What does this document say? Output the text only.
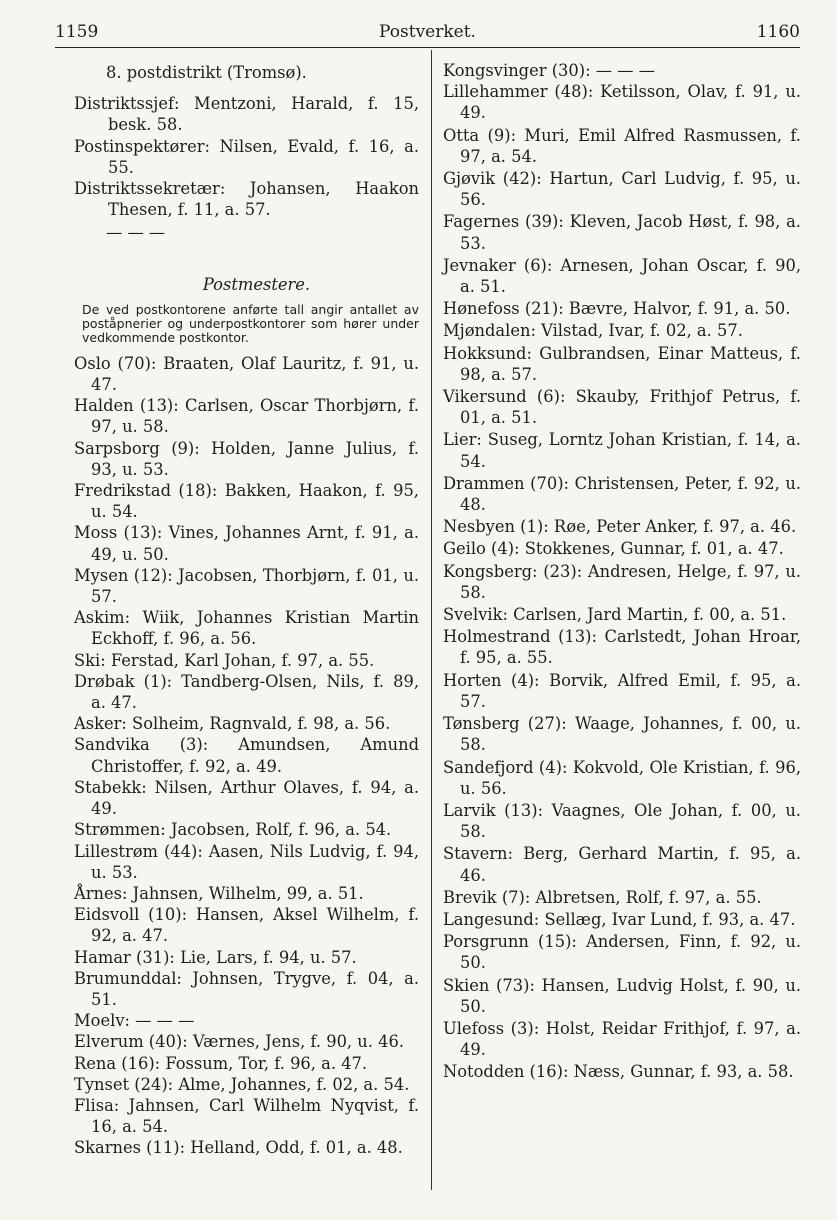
1159	Postverket.	1160
8. postdistrikt (Tromsø).
Distriktssjef: Mentzoni, Harald, f. 15, besk. 58.
Postinspektører: Nilsen, Evald, f. 16, a. 55.
Distriktssekretær: Johansen, Haakon Thesen, f. 11, a. 57.
— — —
Postmestere.
De ved postkontorene anførte tall angir antallet av poståpnerier og underpostkontorer som hører under vedkommende postkontor.
Oslo (70): Braaten, Olaf Lauritz, f. 91, u. 47.
Halden (13): Carlsen, Oscar Thorbjørn, f. 97, u. 58.
Sarpsborg (9): Holden, Janne Julius, f. 93, u. 53.
Fredrikstad (18): Bakken, Haakon, f. 95, u. 54.
Moss (13): Vines, Johannes Arnt, f. 91, a. 49, u. 50.
Mysen (12): Jacobsen, Thorbjørn, f. 01, u. 57.
Askim: Wiik, Johannes Kristian Martin Eckhoff, f. 96, a. 56.
Ski: Ferstad, Karl Johan, f. 97, a. 55.
Drøbak (1): Tandberg-Olsen, Nils, f. 89, a. 47.
Asker: Solheim, Ragnvald, f. 98, a. 56.
Sandvika (3): Amundsen, Amund Christoffer, f. 92, a. 49.
Stabekk: Nilsen, Arthur Olaves, f. 94, a. 49.
Strømmen: Jacobsen, Rolf, f. 96, a. 54.
Lillestrøm (44): Aasen, Nils Ludvig, f. 94, u. 53.
Årnes: Jahnsen, Wilhelm, 99, a. 51.
Eidsvoll (10): Hansen, Aksel Wilhelm, f. 92, a. 47.
Hamar (31): Lie, Lars, f. 94, u. 57.
Brumunddal: Johnsen, Trygve, f. 04, a. 51.
Moelv: — — —
Elverum (40): Værnes, Jens, f. 90, u. 46.
Rena (16): Fossum, Tor, f. 96, a. 47.
Tynset (24): Alme, Johannes, f. 02, a. 54.
Flisa: Jahnsen, Carl Wilhelm Nyqvist, f. 16, a. 54.
Skarnes (11): Helland, Odd, f. 01, a. 48.
Kongsvinger (30): — — —
Lillehammer (48): Ketilsson, Olav, f. 91, u. 49.
Otta (9): Muri, Emil Alfred Rasmussen, f. 97, a. 54.
Gjøvik (42): Hartun, Carl Ludvig, f. 95, u. 56.
Fagernes (39): Kleven, Jacob Høst, f. 98, a. 53.
Jevnaker (6): Arnesen, Johan Oscar, f. 90, a. 51.
Hønefoss (21): Bævre, Halvor, f. 91, a. 50.
Mjøndalen: Vilstad, Ivar, f. 02, a. 57.
Hokksund: Gulbrandsen, Einar Matteus, f. 98, a. 57.
Vikersund (6): Skauby, Frithjof Petrus, f. 01, a. 51.
Lier: Suseg, Lorntz Johan Kristian, f. 14, a. 54.
Drammen (70): Christensen, Peter, f. 92, u. 48.
Nesbyen (1): Røe, Peter Anker, f. 97, a. 46.
Geilo (4): Stokkenes, Gunnar, f. 01, a. 47.
Kongsberg: (23): Andresen, Helge, f. 97, u. 58.
Svelvik: Carlsen, Jard Martin, f. 00, a. 51.
Holmestrand (13): Carlstedt, Johan Hroar, f. 95, a. 55.
Horten (4): Borvik, Alfred Emil, f. 95, a. 57.
Tønsberg (27): Waage, Johannes, f. 00, u. 58.
Sandefjord (4): Kokvold, Ole Kristian, f. 96, u. 56.
Larvik (13): Vaagnes, Ole Johan, f. 00, u. 58.
Stavern: Berg, Gerhard Martin, f. 95, a. 46.
Brevik (7): Albretsen, Rolf, f. 97, a. 55.
Langesund: Sellæg, Ivar Lund, f. 93, a. 47.
Porsgrunn (15): Andersen, Finn, f. 92, u. 50.
Skien (73): Hansen, Ludvig Holst, f. 90, u. 50.
Ulefoss (3): Holst, Reidar Frithjof, f. 97, a. 49.
Notodden (16): Næss, Gunnar, f. 93, a. 58.
